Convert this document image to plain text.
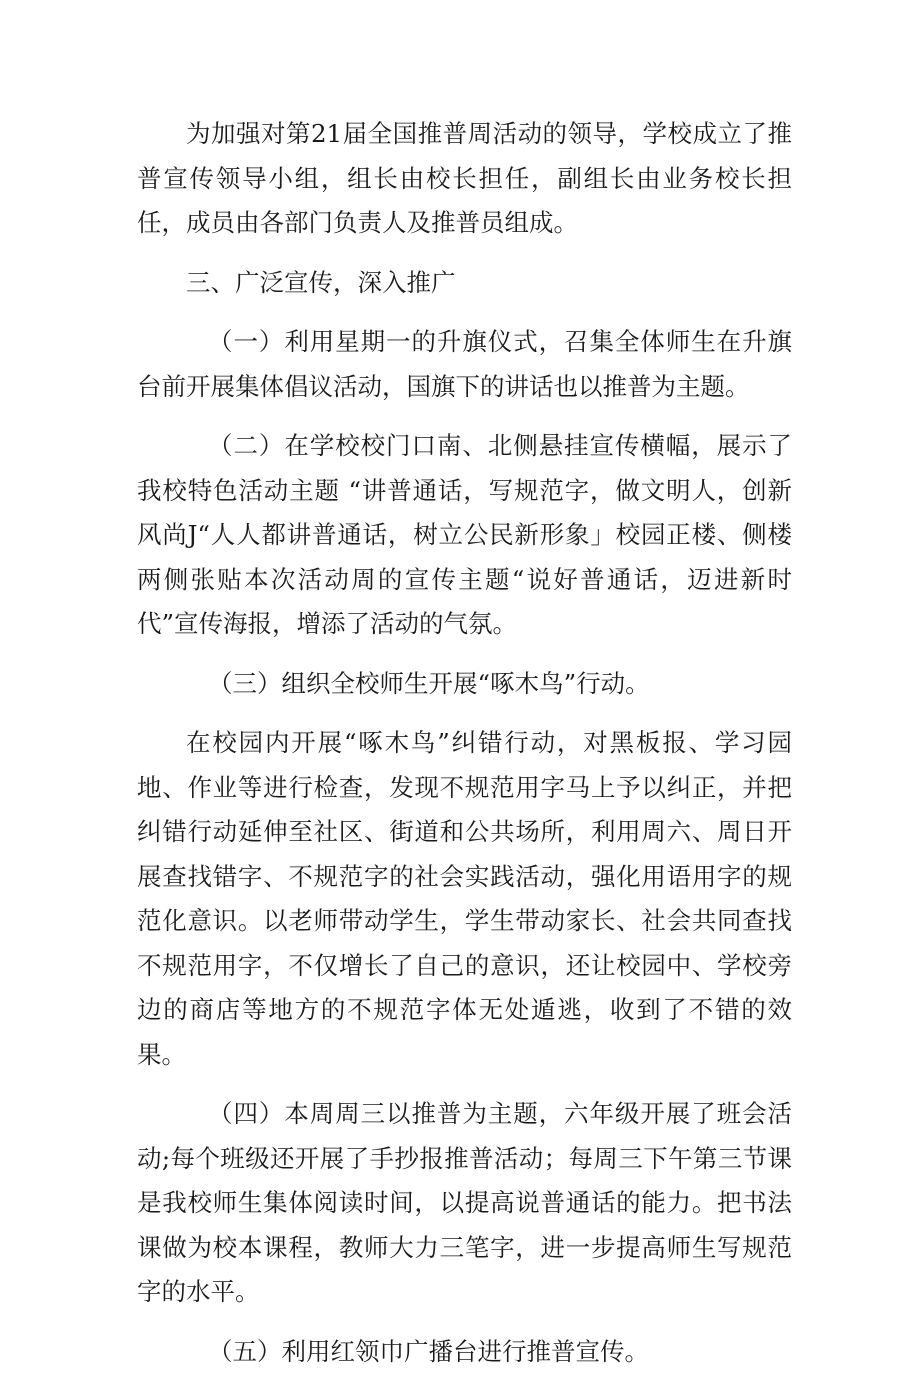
为加强对第21届全国推普周活动的领导，学校成立了推普宣传领导小组，组长由校长担任，副组长由业务校长担任，成员由各部门负责人及推普员组成。

三、广泛宣传，深入推广

（一）利用星期一的升旗仪式，召集全体师生在升旗台前开展集体倡议活动，国旗下的讲话也以推普为主题。

（二）在学校校门口南、北侧悬挂宣传横幅，展示了我校特色活动主题 “讲普通话，写规范字，做文明人，创新风尚J“人人都讲普通话，树立公民新形象」校园正楼、侧楼两侧张贴本次活动周的宣传主题“说好普通话，迈进新时代”宣传海报，增添了活动的气氛。

（三）组织全校师生开展“啄木鸟”行动。

在校园内开展“啄木鸟”纠错行动，对黑板报、学习园地、作业等进行检查，发现不规范用字马上予以纠正，并把纠错行动延伸至社区、街道和公共场所，利用周六、周日开展查找错字、不规范字的社会实践活动，强化用语用字的规范化意识。以老师带动学生，学生带动家长、社会共同查找不规范用字，不仅增长了自己的意识，还让校园中、学校旁边的商店等地方的不规范字体无处遁逃，收到了不错的效果。

（四）本周周三以推普为主题，六年级开展了班会活动;每个班级还开展了手抄报推普活动；每周三下午第三节课是我校师生集体阅读时间，以提高说普通话的能力。把书法课做为校本课程，教师大力三笔字，进一步提高师生写规范字的水平。

（五）利用红领巾广播台进行推普宣传。
